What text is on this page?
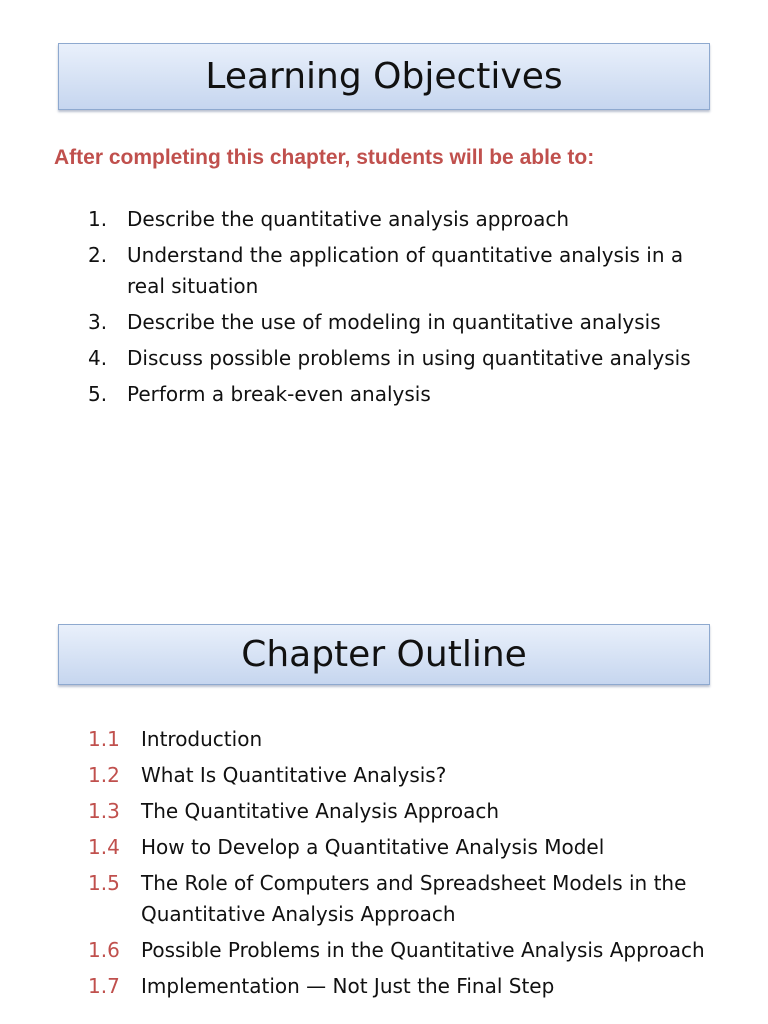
Learning Objectives
After completing this chapter, students will be able to:
1. Describe the quantitative analysis approach
2. Understand the application of quantitative analysis in a real situation
3. Describe the use of modeling in quantitative analysis
4. Discuss possible problems in using quantitative analysis
5. Perform a break-even analysis
Chapter Outline
1.1 Introduction
1.2 What Is Quantitative Analysis?
1.3 The Quantitative Analysis Approach
1.4 How to Develop a Quantitative Analysis Model
1.5 The Role of Computers and Spreadsheet Models in the Quantitative Analysis Approach
1.6 Possible Problems in the Quantitative Analysis Approach
1.7 Implementation — Not Just the Final Step
